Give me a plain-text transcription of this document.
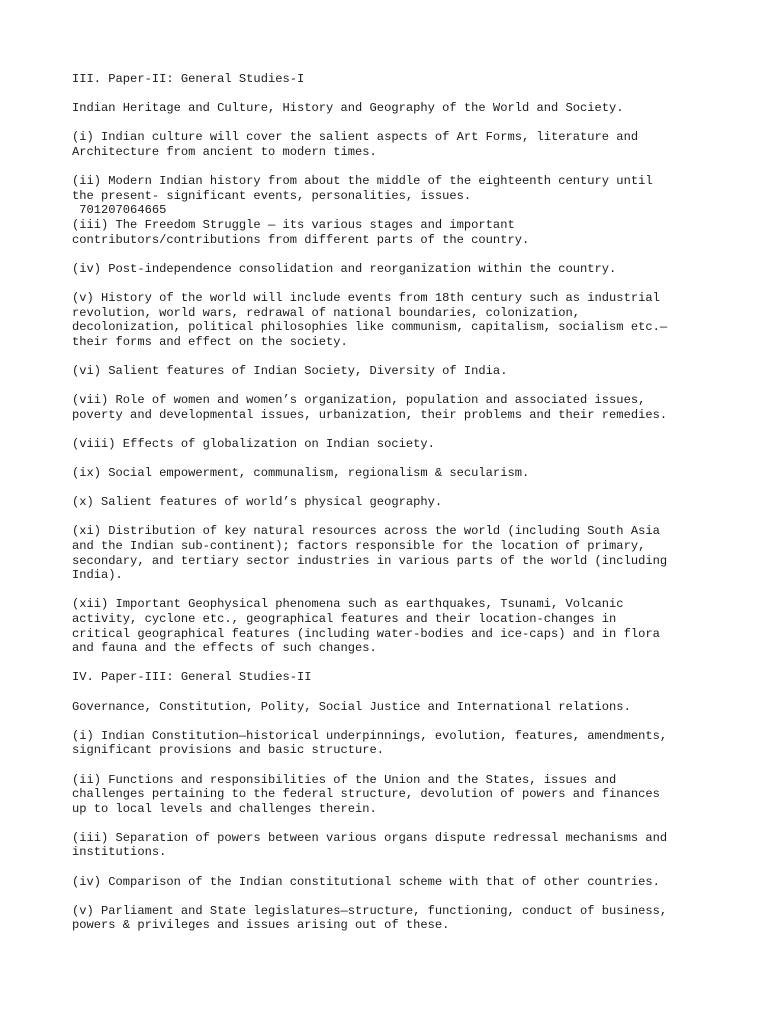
III. Paper-II: General Studies-I
Indian Heritage and Culture, History and Geography of the World and Society.
(i) Indian culture will cover the salient aspects of Art Forms, literature and
Architecture from ancient to modern times.
(ii) Modern Indian history from about the middle of the eighteenth century until
the present- significant events, personalities, issues.
701207064665
(iii) The Freedom Struggle — its various stages and important
contributors/contributions from different parts of the country.
(iv) Post-independence consolidation and reorganization within the country.
(v) History of the world will include events from 18th century such as industrial
revolution, world wars, redrawal of national boundaries, colonization,
decolonization, political philosophies like communism, capitalism, socialism etc.—
their forms and effect on the society.
(vi) Salient features of Indian Society, Diversity of India.
(vii) Role of women and women’s organization, population and associated issues,
poverty and developmental issues, urbanization, their problems and their remedies.
(viii) Effects of globalization on Indian society.
(ix) Social empowerment, communalism, regionalism & secularism.
(x) Salient features of world’s physical geography.
(xi) Distribution of key natural resources across the world (including South Asia
and the Indian sub-continent); factors responsible for the location of primary,
secondary, and tertiary sector industries in various parts of the world (including
India).
(xii) Important Geophysical phenomena such as earthquakes, Tsunami, Volcanic
activity, cyclone etc., geographical features and their location-changes in
critical geographical features (including water-bodies and ice-caps) and in flora
and fauna and the effects of such changes.
IV. Paper-III: General Studies-II
Governance, Constitution, Polity, Social Justice and International relations.
(i) Indian Constitution—historical underpinnings, evolution, features, amendments,
significant provisions and basic structure.
(ii) Functions and responsibilities of the Union and the States, issues and
challenges pertaining to the federal structure, devolution of powers and finances
up to local levels and challenges therein.
(iii) Separation of powers between various organs dispute redressal mechanisms and
institutions.
(iv) Comparison of the Indian constitutional scheme with that of other countries.
(v) Parliament and State legislatures—structure, functioning, conduct of business,
powers & privileges and issues arising out of these.
